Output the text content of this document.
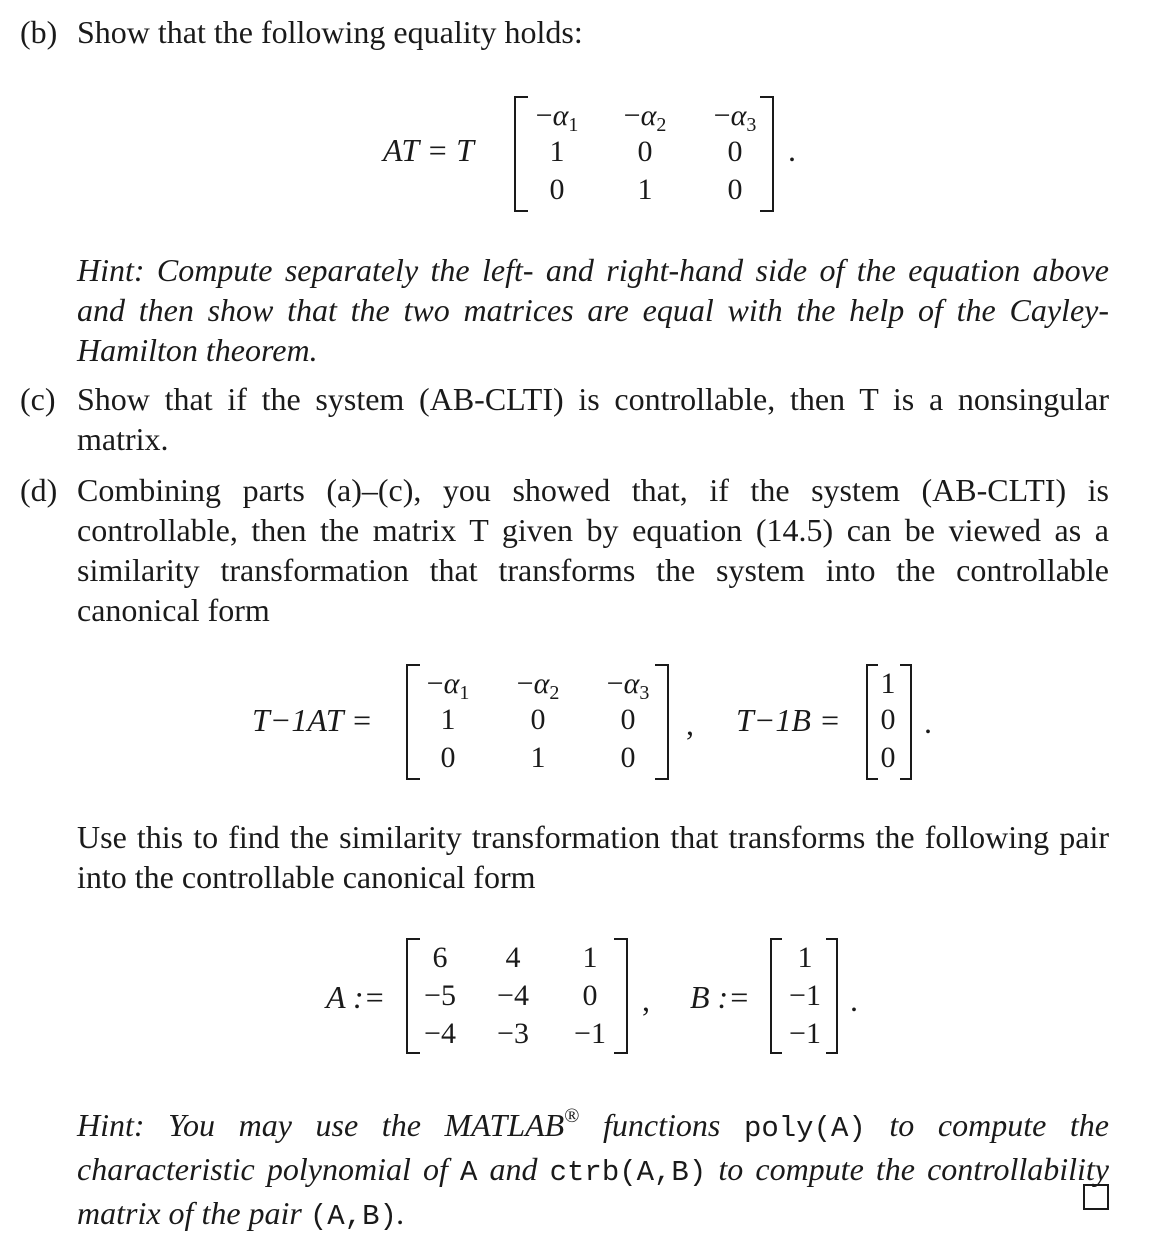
(b) Show that the following equality holds:
AT = T
$-\alpha_1 -\alpha_2 -\alpha_3$
1 0	0
0 1	0
.
Hint: Compute separately the left- and right-hand side of the equation above and then show that the two matrices are equal with the help of the Cayley-Hamilton theorem.
(c) Show that if the system (AB-CLTI) is controllable, then T is a nonsingular matrix.
(d) Combining parts (a)–(c), you showed that, if the system (AB-CLTI) is controllable, then the matrix T given by equation (14.5) can be viewed as a similarity transformation that transforms the system into the controllable canonical form
T−1AT =
$-\alpha_1 -\alpha_2 -\alpha_3$
1	0	0
0	1	0
, T−1B =
1
0
0
.
Use this to find the similarity transformation that transforms the following pair into the controllable canonical form
A :=
6 4 1
−5 −4 0
−4 −3 −1
, B :=
1
−1
−1
.
Hint: You may use the MATLAB® functions poly(A) to compute the characteristic polynomial of A and ctrb(A,B) to compute the controllability matrix of the pair (A,B).
